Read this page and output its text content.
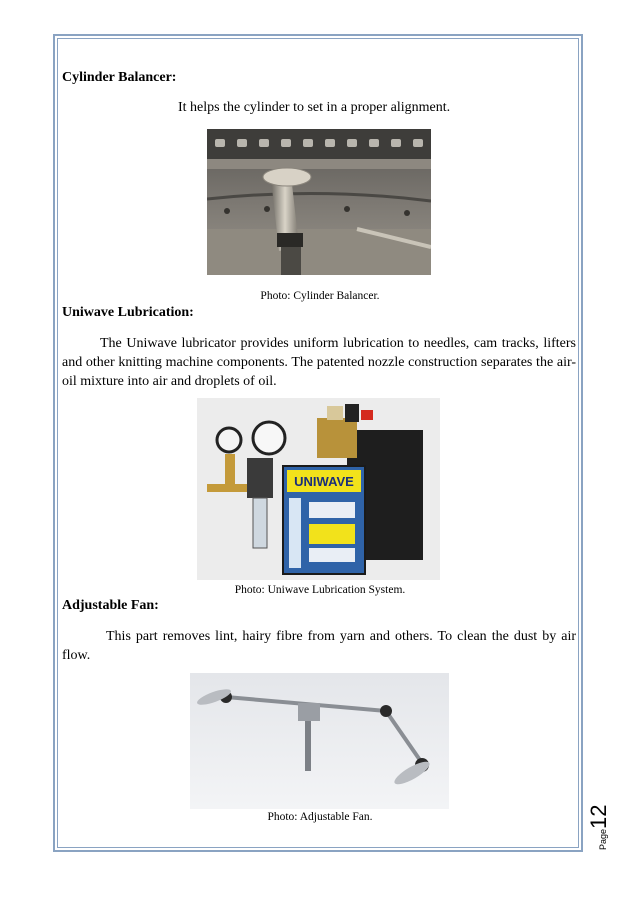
Cylinder Balancer:
It helps the cylinder to set in a proper alignment.
Photo: Cylinder Balancer.
Uniwave Lubrication:
The Uniwave lubricator provides uniform lubrication to needles, cam tracks, lifters and other knitting machine components. The patented nozzle construction separates the air-oil mixture into air and droplets of oil.
UNIWAVE
Photo: Uniwave Lubrication System.
Adjustable Fan:
This part removes lint, hairy fibre from yarn and others. To clean the dust by air flow.
Photo: Adjustable Fan.
Page12
